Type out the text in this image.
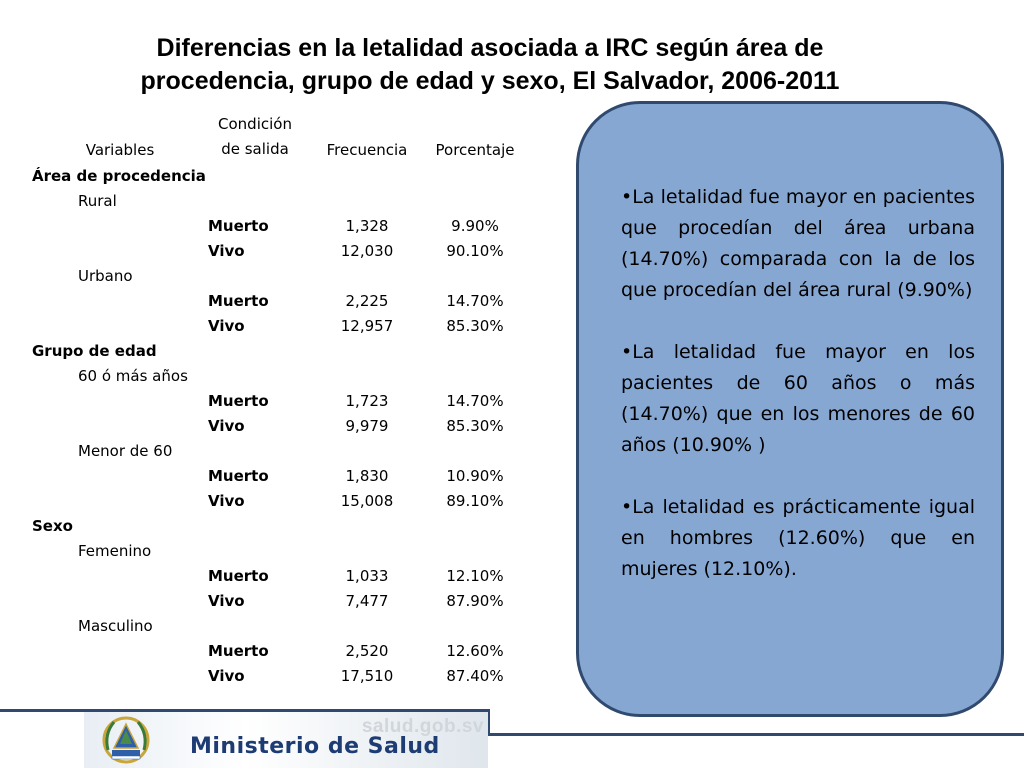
Diferencias en la letalidad asociada a IRC según área de
procedencia, grupo de edad y sexo, El Salvador, 2006-2011
Variables
Condición
de salida	Frecuencia	Porcentaje
Área de procedencia
Rural
Muerto	1,328	9.90%
Vivo	12,030	90.10%
Urbano
Muerto	2,225	14.70%
Vivo	12,957	85.30%
Grupo de edad
60 ó más años
Muerto	1,723	14.70%
Vivo	9,979	85.30%
Menor de 60
Muerto	1,830	10.90%
Vivo	15,008	89.10%
Sexo
Femenino
Muerto	1,033	12.10%
Vivo	7,477	87.90%
Masculino
Muerto	2,520	12.60%
Vivo	17,510	87.40%

•La letalidad fue mayor en pacientes que procedían del área urbana (14.70%) comparada con la de los que procedían del área rural (9.90%)

•La letalidad fue mayor en los pacientes de 60 años o más (14.70%) que en los menores de 60 años (10.90% )

•La letalidad es prácticamente igual en hombres (12.60%) que en mujeres (12.10%).

salud.gob.sv
Ministerio de Salud
